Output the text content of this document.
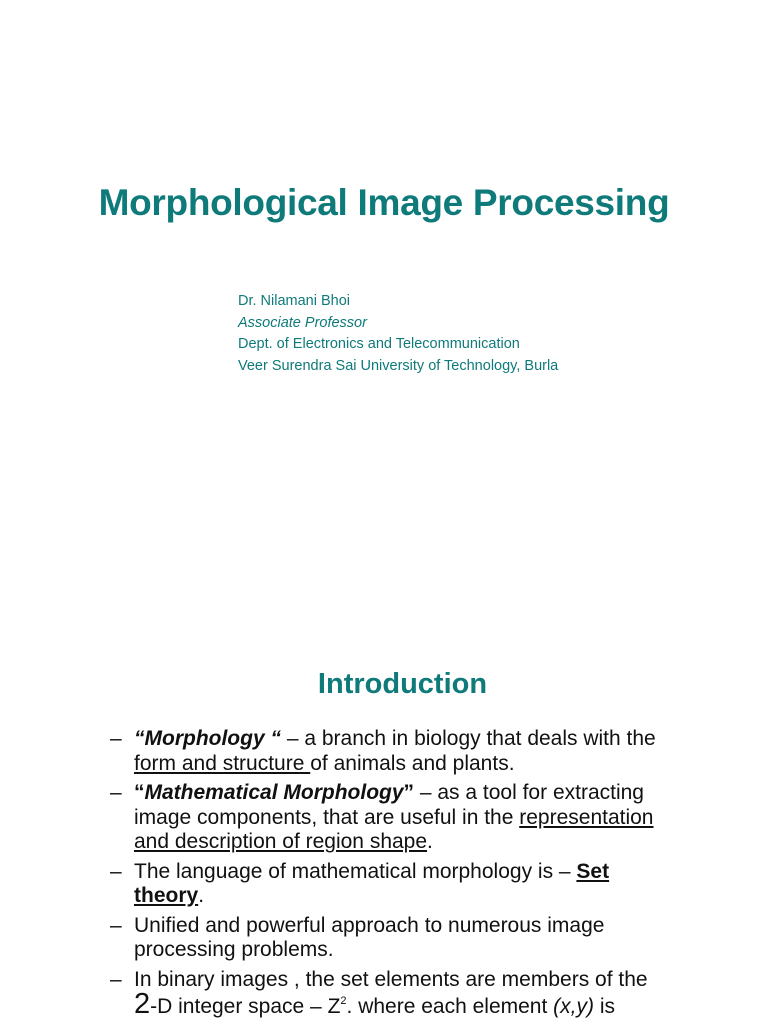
Morphological Image Processing
Dr. Nilamani Bhoi
Associate Professor
Dept. of Electronics and Telecommunication
Veer Surendra Sai University of Technology, Burla
Introduction
– “Morphology “ – a branch in biology that deals with the form and structure of animals and plants.
– “Mathematical Morphology” – as a tool for extracting image components, that are useful in the representation and description of region shape.
– The language of mathematical morphology is – Set theory.
– Unified and powerful approach to numerous image processing problems.
– In binary images , the set elements are members of the 2-D integer space – $Z^2$. where each element (x,y) is
